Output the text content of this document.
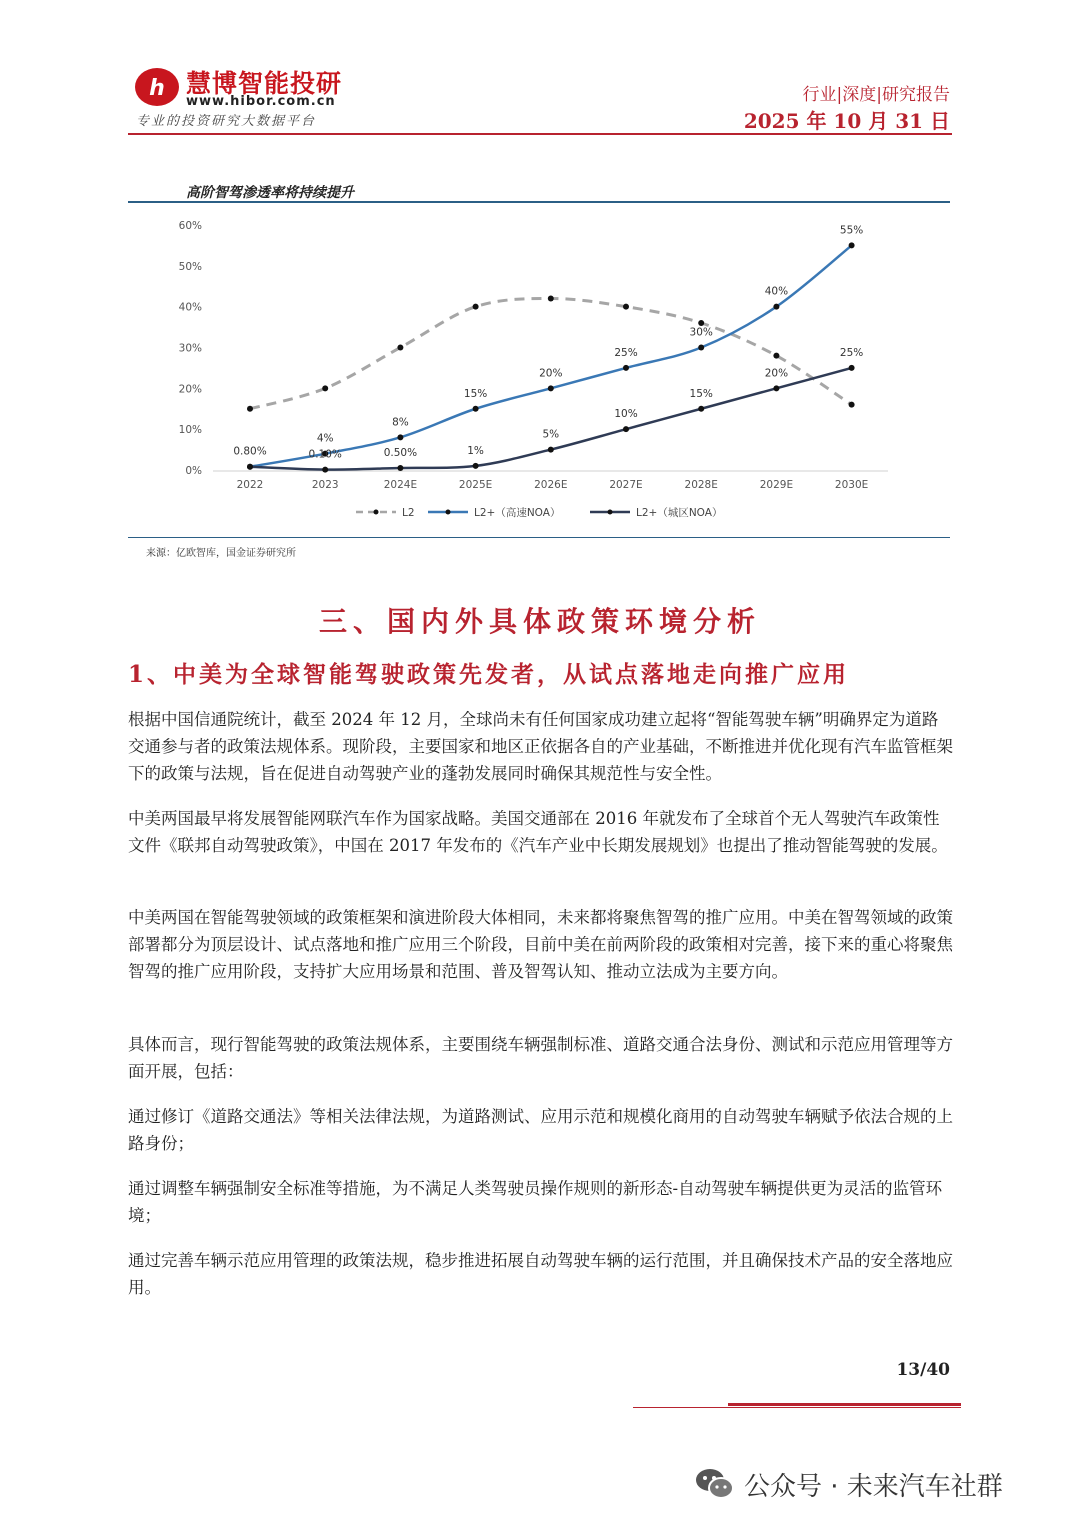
h 慧博智能投研
www.hibor.com.cn
专业的投资研究大数据平台
行业|深度|研究报告
2025 年 10 月 31 日
高阶智驾渗透率将持续提升
0%
10%
20%
30%
40%
50%
60%
2022	2023	2024E	2025E	2026E	2027E	2028E	2029E	2030E
0.80%
4%
8%
15%
20%
25%
30%
40%
55%
0.10%	0.50%	1%
5%
10%
15%
20%
25%
L2	L2+（高速NOA）	L2+（城区NOA）
来源：亿欧智库，国金证券研究所
三、国内外具体政策环境分析
1、中美为全球智能驾驶政策先发者，从试点落地走向推广应用

根据中国信通院统计，截至 2024 年 12 月，全球尚未有任何国家成功建立起将“智能驾驶车辆”明确界定为道路交通参与者的政策法规体系。现阶段，主要国家和地区正依据各自的产业基础，不断推进并优化现有汽车监管框架下的政策与法规，旨在促进自动驾驶产业的蓬勃发展同时确保其规范性与安全性。

中美两国最早将发展智能网联汽车作为国家战略。美国交通部在 2016 年就发布了全球首个无人驾驶汽车政策性文件《联邦自动驾驶政策》，中国在 2017 年发布的《汽车产业中长期发展规划》也提出了推动智能驾驶的发展。

中美两国在智能驾驶领域的政策框架和演进阶段大体相同，未来都将聚焦智驾的推广应用。中美在智驾领域的政策部署都分为顶层设计、试点落地和推广应用三个阶段，目前中美在前两阶段的政策相对完善，接下来的重心将聚焦智驾的推广应用阶段，支持扩大应用场景和范围、普及智驾认知、推动立法成为主要方向。

具体而言，现行智能驾驶的政策法规体系，主要围绕车辆强制标准、道路交通合法身份、测试和示范应用管理等方面开展，包括：

通过修订《道路交通法》等相关法律法规，为道路测试、应用示范和规模化商用的自动驾驶车辆赋予依法合规的上路身份；

通过调整车辆强制安全标准等措施，为不满足人类驾驶员操作规则的新形态-自动驾驶车辆提供更为灵活的监管环境；

通过完善车辆示范应用管理的政策法规，稳步推进拓展自动驾驶车辆的运行范围，并且确保技术产品的安全落地应用。

13/40
公众号 · 未来汽车社群
